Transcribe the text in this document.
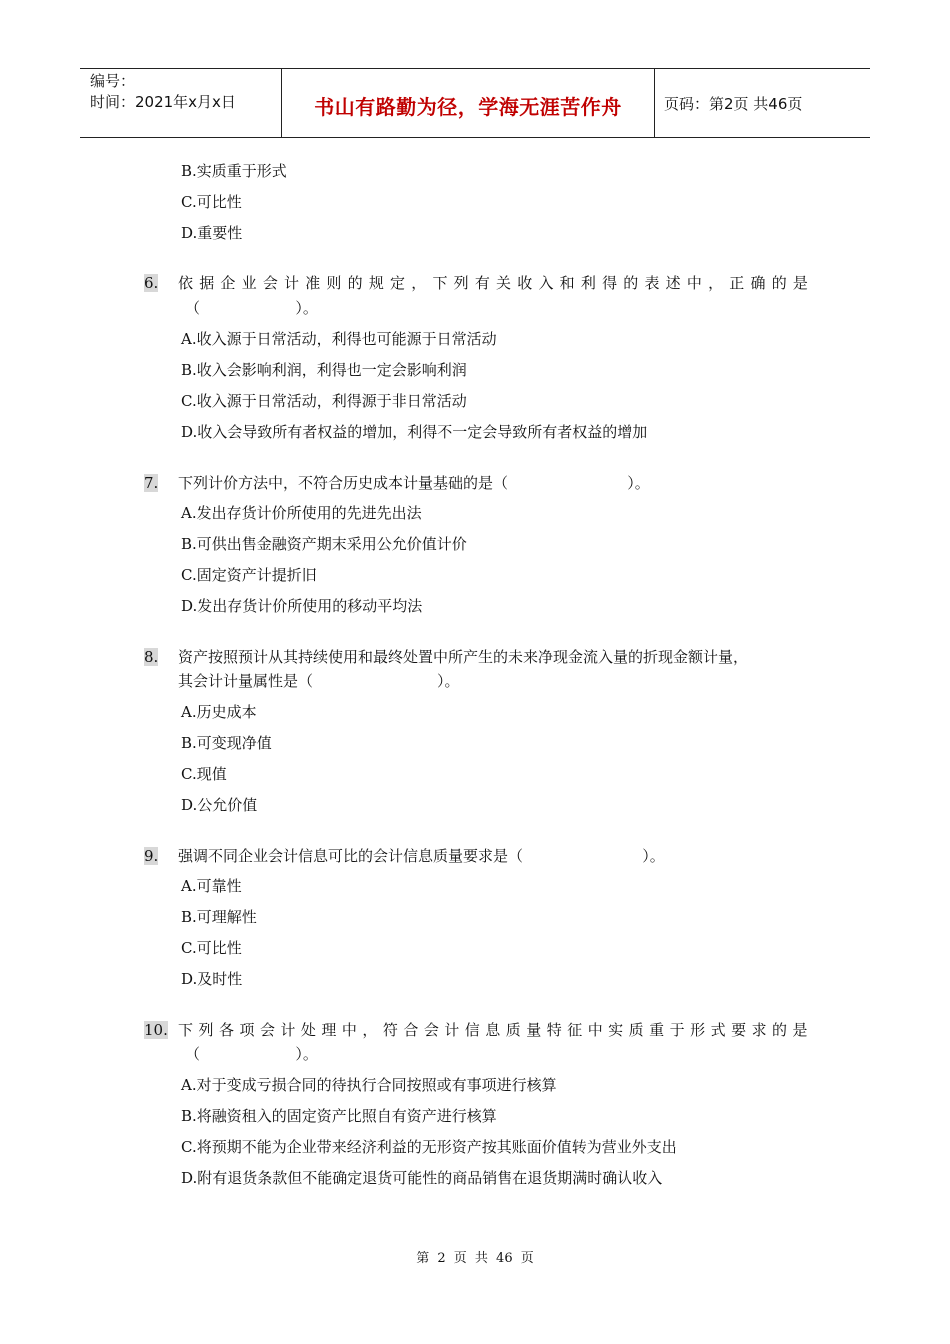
编号：
时间：2021年x月x日	书山有路勤为径，学海无涯苦作舟	页码：第2页 共46页
B.实质重于形式
C.可比性
D.重要性
6. 依 据 企 业 会 计 准 则 的 规 定 ， 下 列 有 关 收 入 和 利 得 的 表 述 中 ， 正 确 的 是
（                    ）。
A.收入源于日常活动，利得也可能源于日常活动
B.收入会影响利润，利得也一定会影响利润
C.收入源于日常活动，利得源于非日常活动
D.收入会导致所有者权益的增加，利得不一定会导致所有者权益的增加
7. 下列计价方法中，不符合历史成本计量基础的是（                         ）。
A.发出存货计价所使用的先进先出法
B.可供出售金融资产期末采用公允价值计价
C.固定资产计提折旧
D.发出存货计价所使用的移动平均法
8. 资产按照预计从其持续使用和最终处置中所产生的未来净现金流入量的折现金额计量，
其会计计量属性是（                          ）。
A.历史成本
B.可变现净值
C.现值
D.公允价值
9. 强调不同企业会计信息可比的会计信息质量要求是（                         ）。
A.可靠性
B.可理解性
C.可比性
D.及时性
10. 下 列 各 项 会 计 处 理 中 ， 符 合 会 计 信 息 质 量 特 征 中 实 质 重 于 形 式 要 求 的 是
（                    ）。
A.对于变成亏损合同的待执行合同按照或有事项进行核算
B.将融资租入的固定资产比照自有资产进行核算
C.将预期不能为企业带来经济利益的无形资产按其账面价值转为营业外支出
D.附有退货条款但不能确定退货可能性的商品销售在退货期满时确认收入
第 2 页 共 46 页
